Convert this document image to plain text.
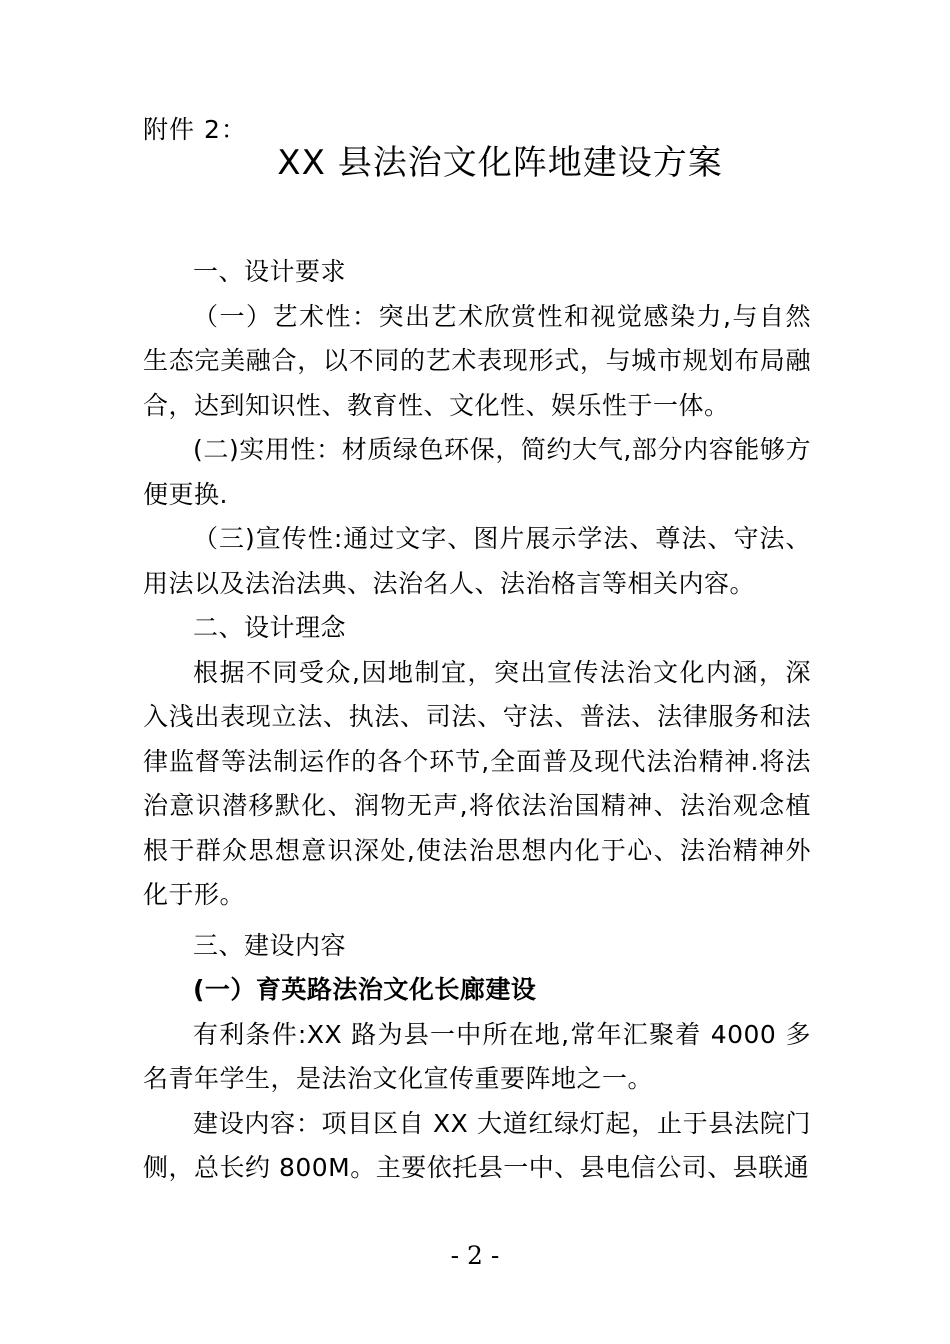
附件 2：
XX 县法治文化阵地建设方案

一、设计要求

（一）艺术性：突出艺术欣赏性和视觉感染力,与自然生态完美融合，以不同的艺术表现形式，与城市规划布局融合，达到知识性、教育性、文化性、娱乐性于一体。

(二)实用性：材质绿色环保，简约大气,部分内容能够方便更换.

（三)宣传性:通过文字、图片展示学法、尊法、守法、用法以及法治法典、法治名人、法治格言等相关内容。

二、设计理念

根据不同受众,因地制宜，突出宣传法治文化内涵，深入浅出表现立法、执法、司法、守法、普法、法律服务和法律监督等法制运作的各个环节,全面普及现代法治精神.将法治意识潜移默化、润物无声,将依法治国精神、法治观念植根于群众思想意识深处,使法治思想内化于心、法治精神外化于形。

三、建设内容

(一）育英路法治文化长廊建设

有利条件:XX 路为县一中所在地,常年汇聚着 4000 多名青年学生，是法治文化宣传重要阵地之一。

建设内容：项目区自 XX 大道红绿灯起，止于县法院门侧，总长约 800M。主要依托县一中、县电信公司、县联通

- 2 -
